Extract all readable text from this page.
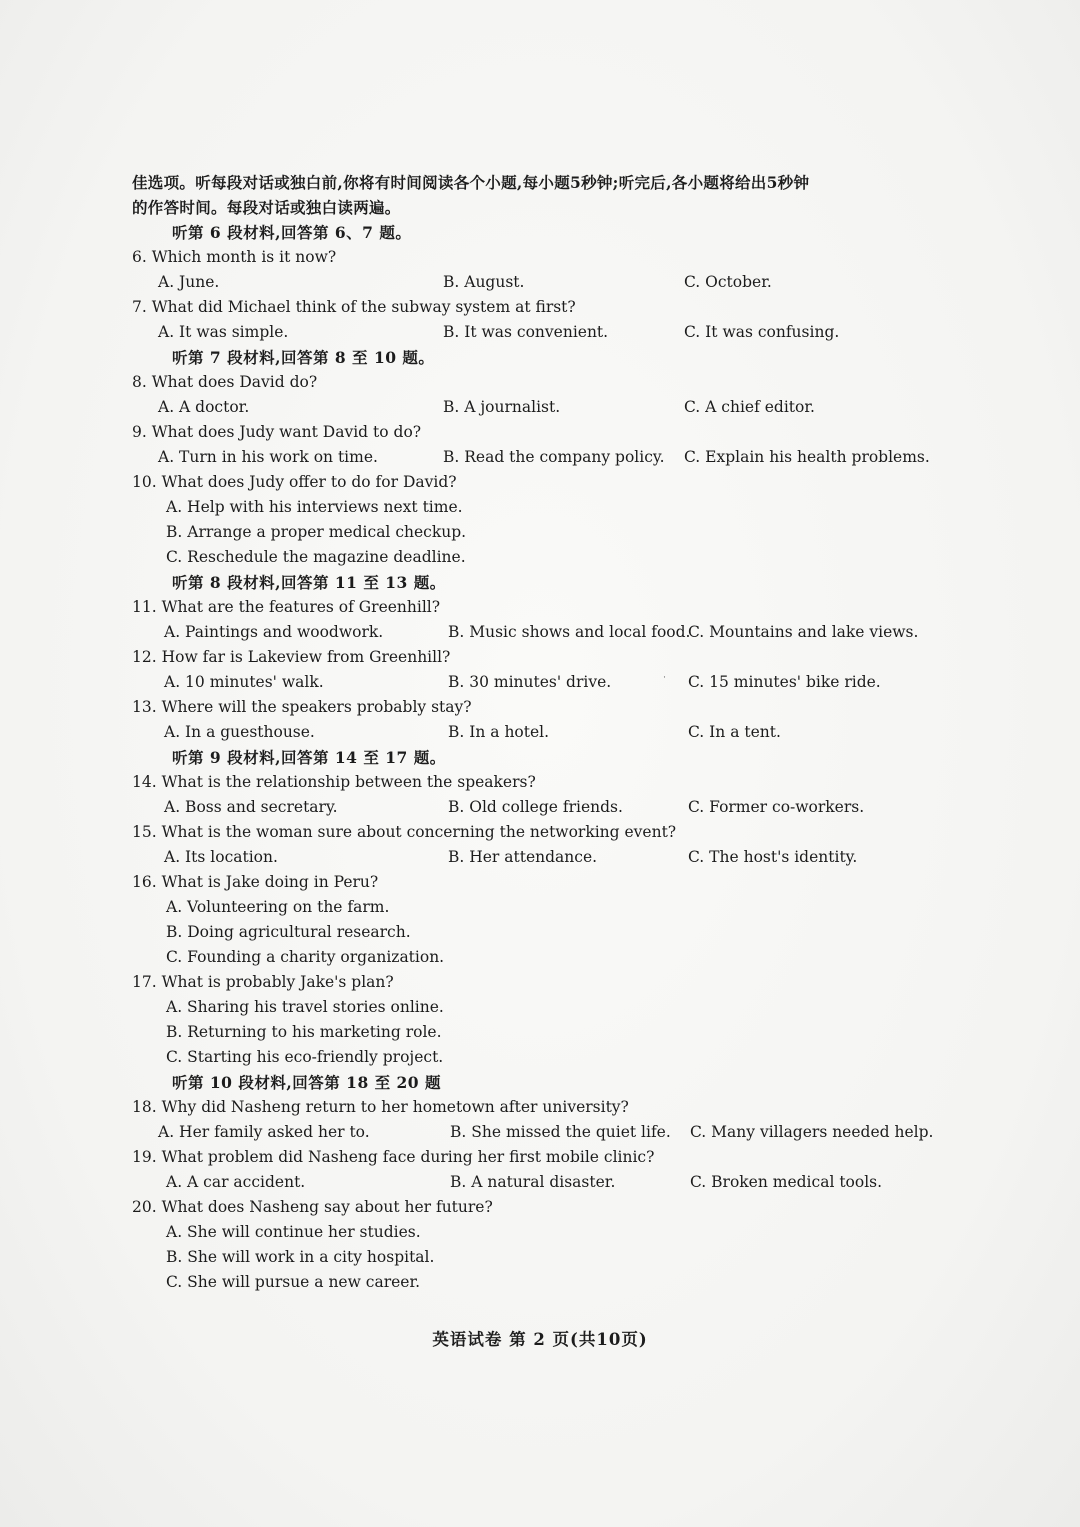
佳选项。听每段对话或独白前,你将有时间阅读各个小题,每小题5秒钟;听完后,各小题将给出5秒钟
的作答时间。每段对话或独白读两遍。
听第 6 段材料,回答第 6、7 题。
6. Which month is it now?
A. June.	B. August.	C. October.
7. What did Michael think of the subway system at first?
A. It was simple.	B. It was convenient.	C. It was confusing.
听第 7 段材料,回答第 8 至 10 题。
8. What does David do?
A. A doctor.	B. A journalist.	C. A chief editor.
9. What does Judy want David to do?
A. Turn in his work on time.	B. Read the company policy. C. Explain his health problems.
10. What does Judy offer to do for David?
A. Help with his interviews next time.
B. Arrange a proper medical checkup.
C. Reschedule the magazine deadline.
听第 8 段材料,回答第 11 至 13 题。
11. What are the features of Greenhill?
A. Paintings and woodwork.	B. Music shows and local food.
C. Mountains and lake views.
12. How far is Lakeview from Greenhill?
A. 10 minutes' walk.	B. 30 minutes' drive.	C. 15 minutes' bike ride.
13. Where will the speakers probably stay?
A. In a guesthouse.	B. In a hotel.	C. In a tent.
听第 9 段材料,回答第 14 至 17 题。
14. What is the relationship between the speakers?
A. Boss and secretary.	B. Old college friends.	C. Former co-workers.
15. What is the woman sure about concerning the networking event?
A. Its location.	B. Her attendance.	C. The host's identity.
16. What is Jake doing in Peru?
A. Volunteering on the farm.
B. Doing agricultural research.
C. Founding a charity organization.
17. What is probably Jake's plan?
A. Sharing his travel stories online.
B. Returning to his marketing role.
C. Starting his eco-friendly project.
听第 10 段材料,回答第 18 至 20 题
18. Why did Nasheng return to her hometown after university?
A. Her family asked her to.	B. She missed the quiet life. C. Many villagers needed help.
19. What problem did Nasheng face during her first mobile clinic?
A. A car accident.	B. A natural disaster.	C. Broken medical tools.
20. What does Nasheng say about her future?
A. She will continue her studies.
B. She will work in a city hospital.
C. She will pursue a new career.
˙
英语试卷 第 2 页(共10页)
